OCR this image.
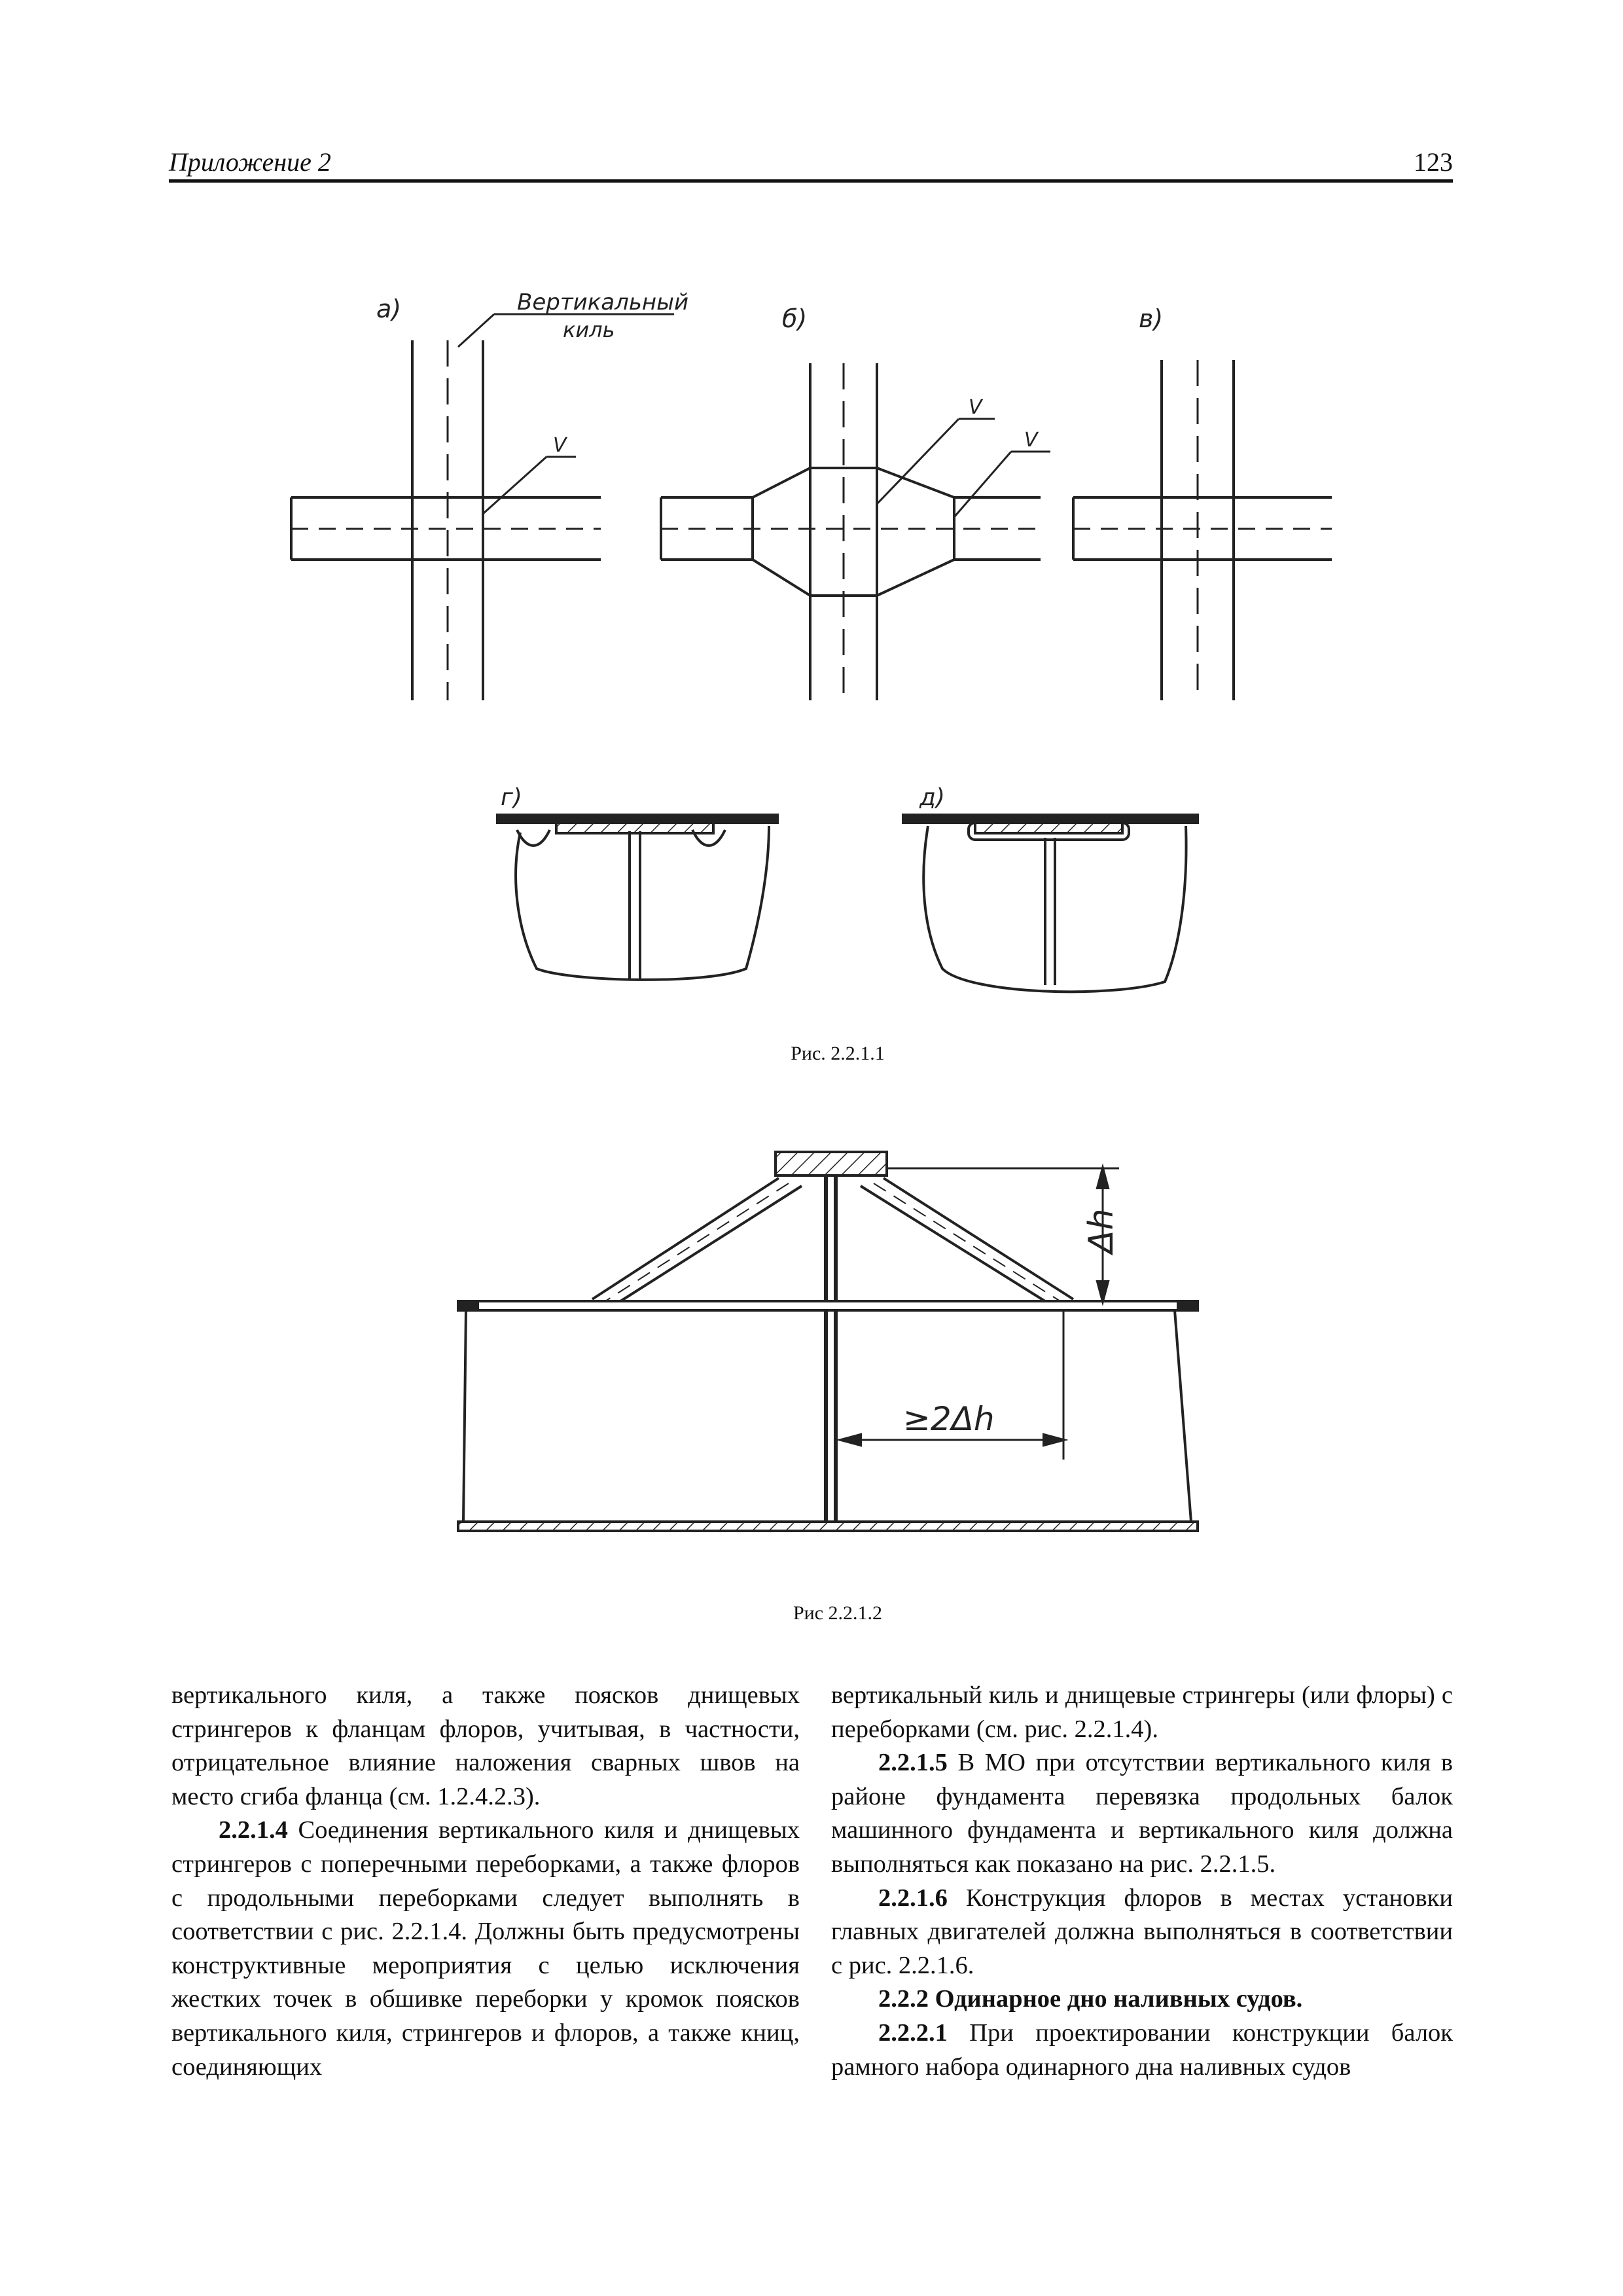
Приложение 2	123
а)	Вертикальный
киль
V
б)
V
V
в)
г)	д)
Рис. 2.2.1.1
Δh
≥2Δh
Рис 2.2.1.2

вертикального киля, а также поясков днищевых стрингеров к фланцам флоров, учитывая, в частности, отрицательное влияние наложения сварных швов на место сгиба фланца (см. 1.2.4.2.3).

2.2.1.4 Соединения вертикального киля и днищевых стрингеров с поперечными переборками, а также флоров с продольными переборками следует выполнять в соответствии с рис. 2.2.1.4. Должны быть предусмотрены конструктивные мероприятия с целью исключения жестких точек в обшивке переборки у кромок поясков вертикального киля, стрингеров и флоров, а также книц, соединяющих

вертикальный киль и днищевые стрингеры (или флоры) с переборками (см. рис. 2.2.1.4).

2.2.1.5 В МО при отсутствии вертикального киля в районе фундамента перевязка продольных балок машинного фундамента и вертикального киля должна выполняться как показано на рис. 2.2.1.5.

2.2.1.6 Конструкция флоров в местах установки главных двигателей должна выполняться в соответствии с рис. 2.2.1.6.

2.2.2 Одинарное дно наливных судов.

2.2.2.1 При проектировании конструкции балок рамного набора одинарного дна наливных судов
